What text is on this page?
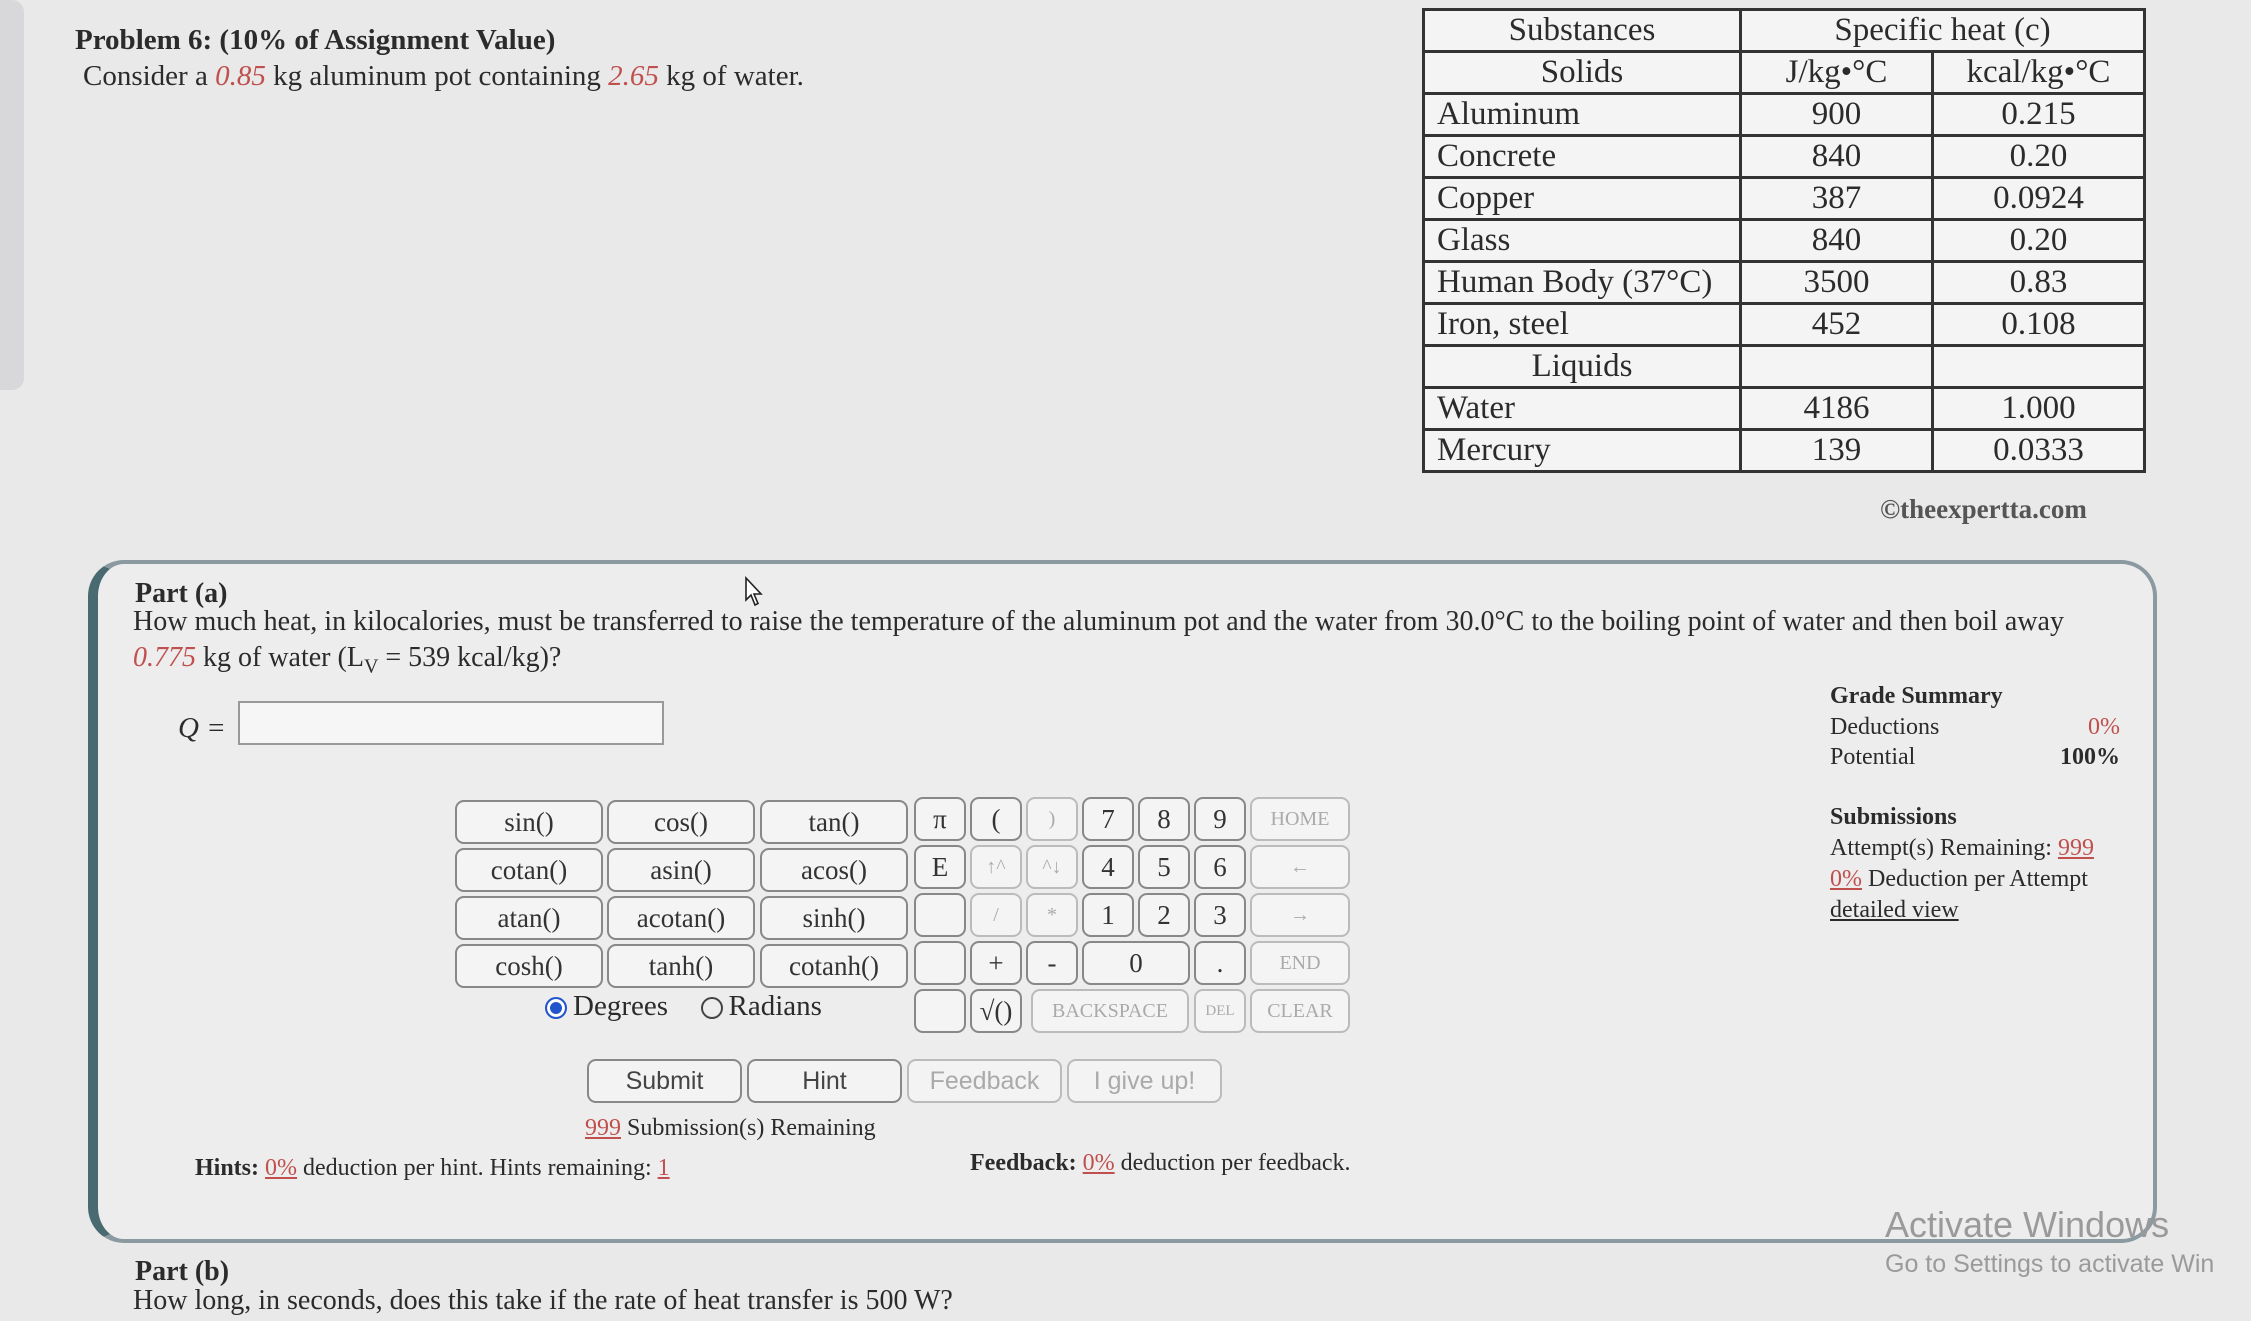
Problem 6: (10% of Assignment Value)
Consider a 0.85 kg aluminum pot containing 2.65 kg of water.
Substances	Specific heat (c)	
Solids	J/kg•°C	kcal/kg•°C
Aluminum	900	0.215
Concrete	840	0.20
Copper	387	0.0924
Glass	840	0.20
Human Body (37°C)	3500	0.83
Iron, steel	452	0.108
Liquids		
Water	4186	1.000
Mercury	139	0.0333
©theexpertta.com
Part (a)
How much heat, in kilocalories, must be transferred to raise the temperature of the aluminum pot and the water from 30.0°C to the boiling point of water and then boil away 0.775 kg of water ($L_V = 539$ kcal/kg)?
Q =
sin()	cos()	tan()
cotan()	asin()	acos()
atan()	acotan()	sinh()
cosh()	tanh()	cotanh()
Degrees Radians
π
E
(
↑^
/
+
√()
)
^↓
*
-
7	8	9
4	5	6
1	2	3
0	.
HOME
←
→
END
BACKSPACE	DEL	CLEAR
Submit	Hint	Feedback	I give up!
999 Submission(s) Remaining
Hints: 0% deduction per hint. Hints remaining: 1	Feedback: 0% deduction per feedback.
Grade Summary
Deductions	0%
Potential	100%
Submissions
Attempt(s) Remaining: 999
0% Deduction per Attempt
detailed view
Part (b)
How long, in seconds, does this take if the rate of heat transfer is 500 W?
Activate Windows
Go to Settings to activate Win
